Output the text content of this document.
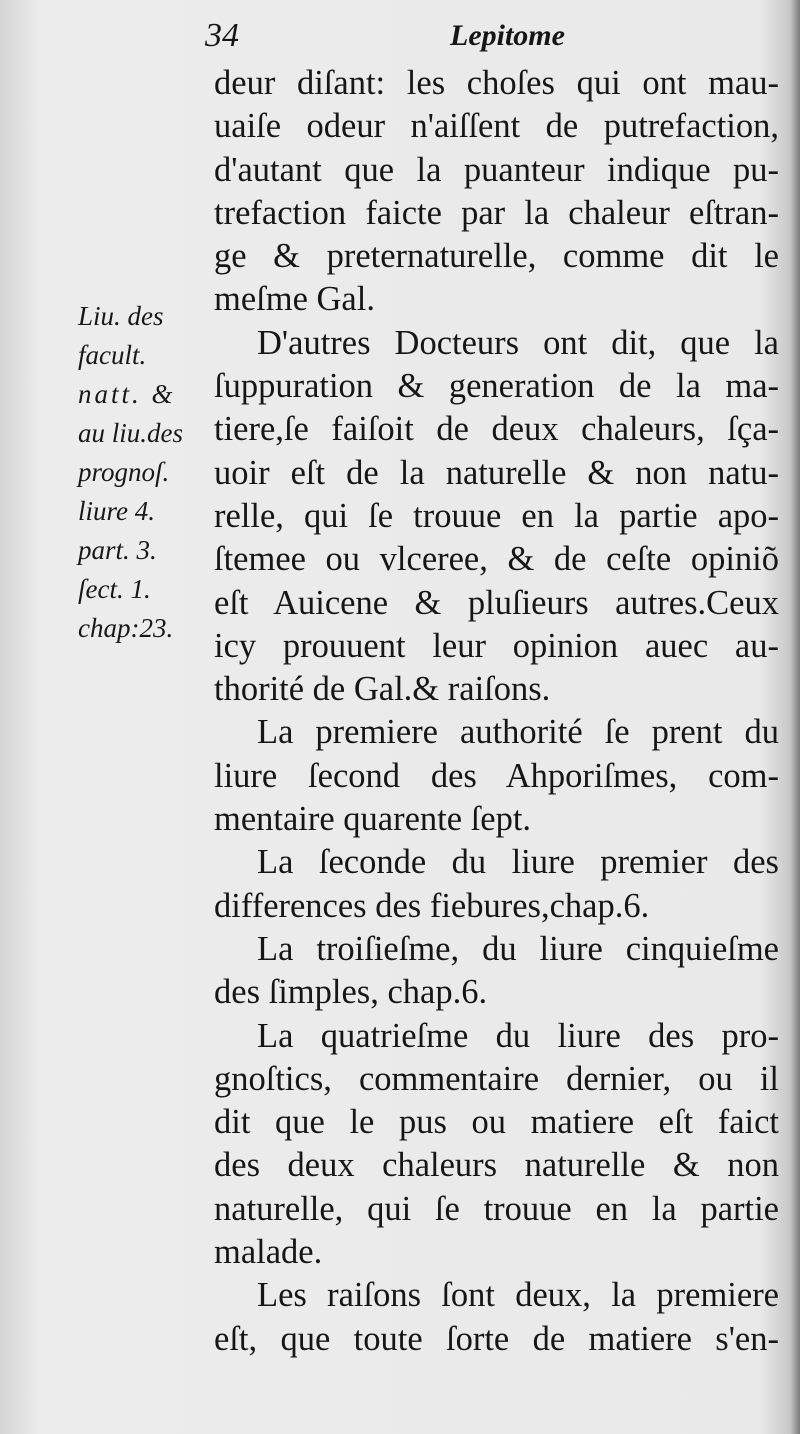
34	Lepitome
Liu. des
facult.
natt. &
au liu.des
prognoſ.
liure 4.
part. 3.
ſect. 1.
chap:23.
deur diſant: les choſes qui ont mau-
uaiſe odeur n'aiſſent de putrefaction,
d'autant que la puanteur indique pu-
trefaction faicte par la chaleur eſtran-
ge & preternaturelle, comme dit le
meſme Gal.
D'autres Docteurs ont dit, que la
ſuppuration & generation de la ma-
tiere,ſe faiſoit de deux chaleurs, ſça-
uoir eſt de la naturelle & non natu-
relle, qui ſe trouue en la partie apo-
ſtemee ou vlceree, & de ceſte opiniõ
eſt Auicene & pluſieurs autres.Ceux
icy prouuent leur opinion auec au-
thorité de Gal.& raiſons.
La premiere authorité ſe prent du
liure ſecond des Ahporiſmes, com-
mentaire quarente ſept.
La ſeconde du liure premier des
differences des fiebures,chap.6.
La troiſieſme, du liure cinquieſme
des ſimples, chap.6.
La quatrieſme du liure des pro-
gnoſtics, commentaire dernier, ou il
dit que le pus ou matiere eſt faict
des deux chaleurs naturelle & non
naturelle, qui ſe trouue en la partie
malade.
Les raiſons ſont deux, la premiere
eſt, que toute ſorte de matiere s'en-
